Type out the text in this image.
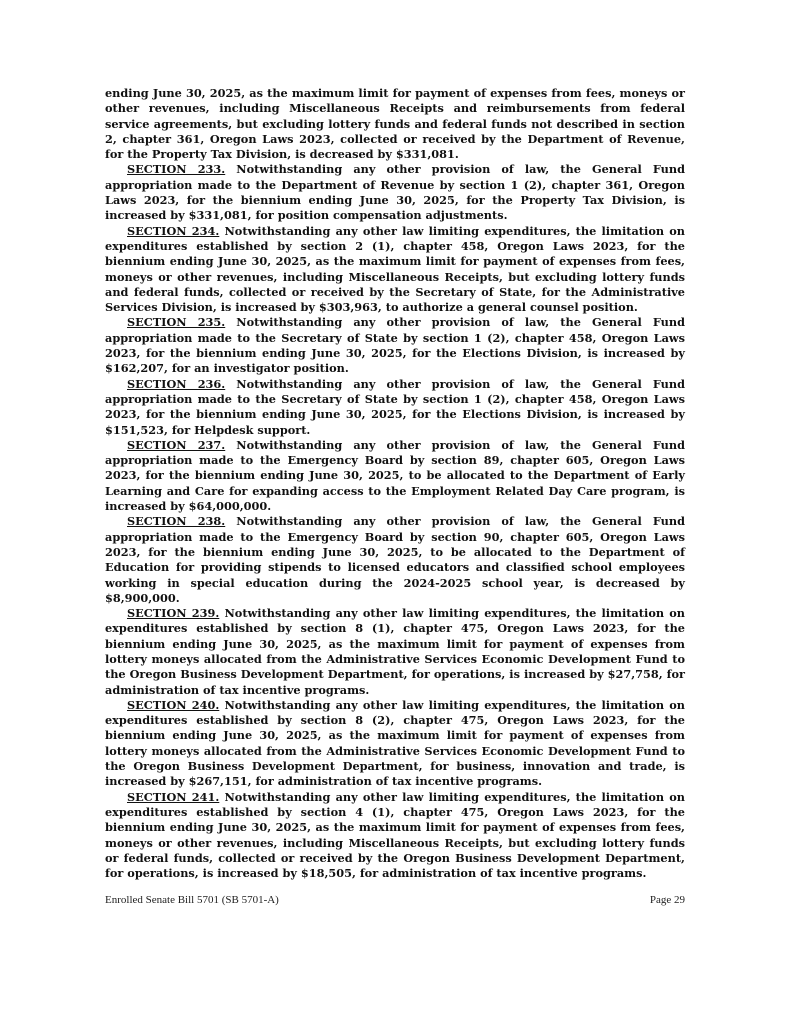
ending June 30, 2025, as the maximum limit for payment of expenses from fees, moneys or other revenues, including Miscellaneous Receipts and reimbursements from federal service agreements, but excluding lottery funds and federal funds not described in section 2, chapter 361, Oregon Laws 2023, collected or received by the Department of Revenue, for the Property Tax Division, is decreased by $331,081.

SECTION 233. Notwithstanding any other provision of law, the General Fund appropriation made to the Department of Revenue by section 1 (2), chapter 361, Oregon Laws 2023, for the biennium ending June 30, 2025, for the Property Tax Division, is increased by $331,081, for position compensation adjustments.

SECTION 234. Notwithstanding any other law limiting expenditures, the limitation on expenditures established by section 2 (1), chapter 458, Oregon Laws 2023, for the biennium ending June 30, 2025, as the maximum limit for payment of expenses from fees, moneys or other revenues, including Miscellaneous Receipts, but excluding lottery funds and federal funds, collected or received by the Secretary of State, for the Administrative Services Division, is increased by $303,963, to authorize a general counsel position.

SECTION 235. Notwithstanding any other provision of law, the General Fund appropriation made to the Secretary of State by section 1 (2), chapter 458, Oregon Laws 2023, for the biennium ending June 30, 2025, for the Elections Division, is increased by $162,207, for an investigator position.

SECTION 236. Notwithstanding any other provision of law, the General Fund appropriation made to the Secretary of State by section 1 (2), chapter 458, Oregon Laws 2023, for the biennium ending June 30, 2025, for the Elections Division, is increased by $151,523, for Helpdesk support.

SECTION 237. Notwithstanding any other provision of law, the General Fund appropriation made to the Emergency Board by section 89, chapter 605, Oregon Laws 2023, for the biennium ending June 30, 2025, to be allocated to the Department of Early Learning and Care for expanding access to the Employment Related Day Care program, is increased by $64,000,000.

SECTION 238. Notwithstanding any other provision of law, the General Fund appropriation made to the Emergency Board by section 90, chapter 605, Oregon Laws 2023, for the biennium ending June 30, 2025, to be allocated to the Department of Education for providing stipends to licensed educators and classified school employees working in special education during the 2024-2025 school year, is decreased by $8,900,000.

SECTION 239. Notwithstanding any other law limiting expenditures, the limitation on expenditures established by section 8 (1), chapter 475, Oregon Laws 2023, for the biennium ending June 30, 2025, as the maximum limit for payment of expenses from lottery moneys allocated from the Administrative Services Economic Development Fund to the Oregon Business Development Department, for operations, is increased by $27,758, for administration of tax incentive programs.

SECTION 240. Notwithstanding any other law limiting expenditures, the limitation on expenditures established by section 8 (2), chapter 475, Oregon Laws 2023, for the biennium ending June 30, 2025, as the maximum limit for payment of expenses from lottery moneys allocated from the Administrative Services Economic Development Fund to the Oregon Business Development Department, for business, innovation and trade, is increased by $267,151, for administration of tax incentive programs.

SECTION 241. Notwithstanding any other law limiting expenditures, the limitation on expenditures established by section 4 (1), chapter 475, Oregon Laws 2023, for the biennium ending June 30, 2025, as the maximum limit for payment of expenses from fees, moneys or other revenues, including Miscellaneous Receipts, but excluding lottery funds or federal funds, collected or received by the Oregon Business Development Department, for operations, is increased by $18,505, for administration of tax incentive programs.

Enrolled Senate Bill 5701 (SB 5701-A)	Page 29
